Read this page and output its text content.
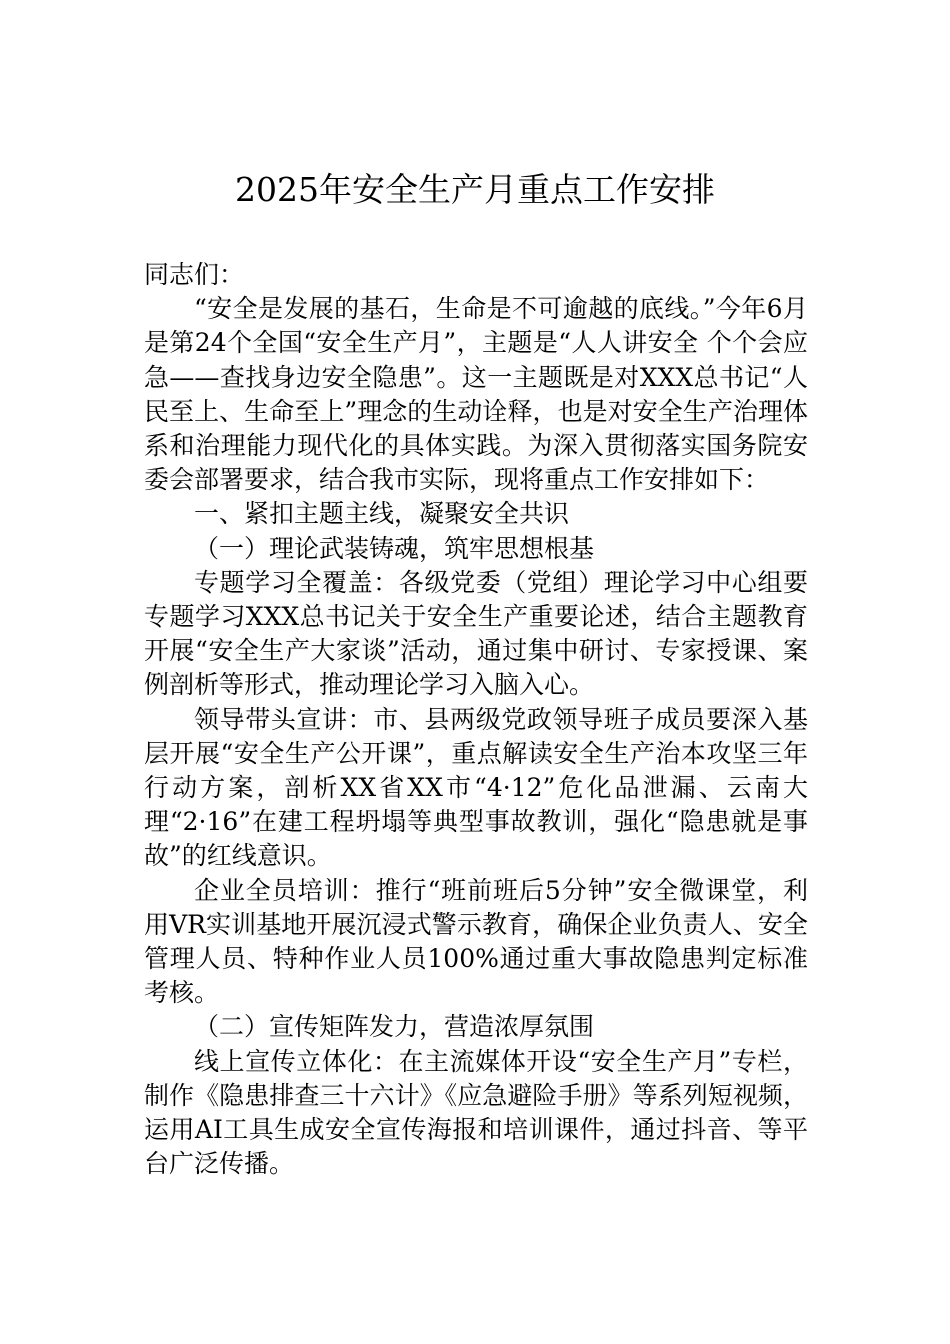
2025年安全生产月重点工作安排

同志们：

“安全是发展的基石，生命是不可逾越的底线。”今年6月是第24个全国“安全生产月”，主题是“人人讲安全 个个会应急——查找身边安全隐患”。这一主题既是对XXX总书记“人民至上、生命至上”理念的生动诠释，也是对安全生产治理体系和治理能力现代化的具体实践。为深入贯彻落实国务院安委会部署要求，结合我市实际，现将重点工作安排如下：

一、紧扣主题主线，凝聚安全共识

（一）理论武装铸魂，筑牢思想根基

专题学习全覆盖：各级党委（党组）理论学习中心组要专题学习XXX总书记关于安全生产重要论述，结合主题教育开展“安全生产大家谈”活动，通过集中研讨、专家授课、案例剖析等形式，推动理论学习入脑入心。

领导带头宣讲：市、县两级党政领导班子成员要深入基层开展“安全生产公开课”，重点解读安全生产治本攻坚三年行动方案，剖析XX省XX市“4·12”危化品泄漏、云南大理“2·16”在建工程坍塌等典型事故教训，强化“隐患就是事故”的红线意识。

企业全员培训：推行“班前班后5分钟”安全微课堂，利用VR实训基地开展沉浸式警示教育，确保企业负责人、安全管理人员、特种作业人员100%通过重大事故隐患判定标准考核。

（二）宣传矩阵发力，营造浓厚氛围

线上宣传立体化：在主流媒体开设“安全生产月”专栏，制作《隐患排查三十六计》《应急避险手册》等系列短视频，运用AI工具生成安全宣传海报和培训课件，通过抖音、等平台广泛传播。
